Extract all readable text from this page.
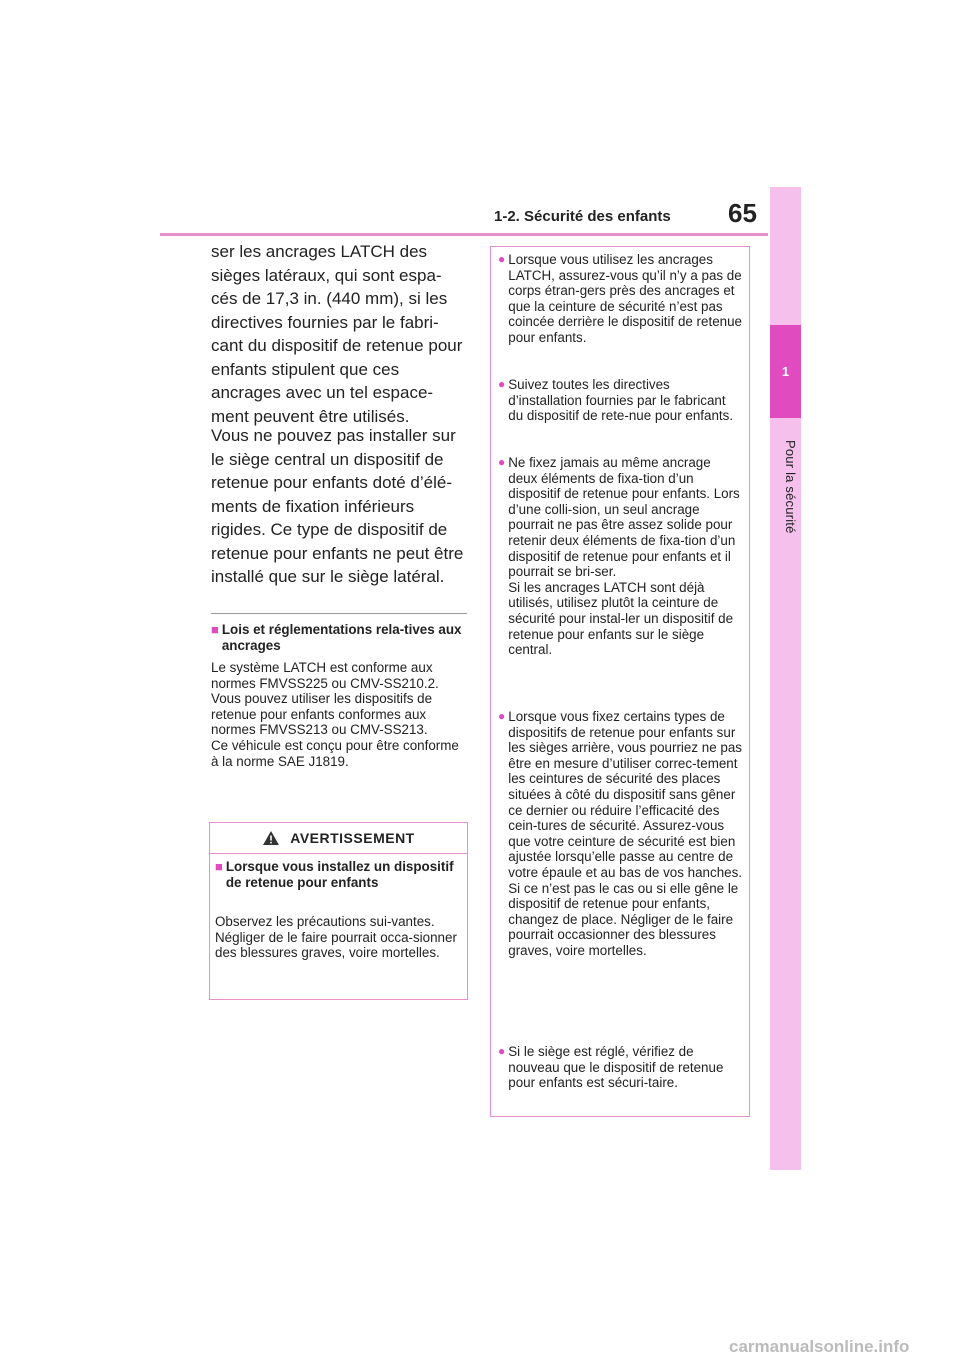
1-2. Sécurité des enfants 65
1
Pour la sécurité

ser les ancrages LATCH des sièges latéraux, qui sont espa-cés de 17,3 in. (440 mm), si les directives fournies par le fabri-cant du dispositif de retenue pour enfants stipulent que ces ancrages avec un tel espace-ment peuvent être utilisés.

Vous ne pouvez pas installer sur le siège central un dispositif de retenue pour enfants doté d’élé-ments de fixation inférieurs rigides. Ce type de dispositif de retenue pour enfants ne peut être installé que sur le siège latéral.

■ Lois et réglementations rela-tives aux ancrages

Le système LATCH est conforme aux normes FMVSS225 ou CMV-SS210.2.
Vous pouvez utiliser les dispositifs de retenue pour enfants conformes aux normes FMVSS213 ou CMV-SS213.
Ce véhicule est conçu pour être conforme à la norme SAE J1819.

AVERTISSEMENT
■ Lorsque vous installez un dispositif de retenue pour enfants

Observez les précautions sui-vantes.
Négliger de le faire pourrait occa-sionner des blessures graves, voire mortelles.

● Lorsque vous utilisez les ancrages LATCH, assurez-vous qu’il n’y a pas de corps étran-gers près des ancrages et que la ceinture de sécurité n’est pas coincée derrière le dispositif de retenue pour enfants.

● Suivez toutes les directives d’installation fournies par le fabricant du dispositif de rete-nue pour enfants.

● Ne fixez jamais au même ancrage deux éléments de fixa-tion d’un dispositif de retenue pour enfants. Lors d’une colli-sion, un seul ancrage pourrait ne pas être assez solide pour retenir deux éléments de fixa-tion d’un dispositif de retenue pour enfants et il pourrait se bri-ser.
Si les ancrages LATCH sont déjà utilisés, utilisez plutôt la ceinture de sécurité pour instal-ler un dispositif de retenue pour enfants sur le siège central.

● Lorsque vous fixez certains types de dispositifs de retenue pour enfants sur les sièges arrière, vous pourriez ne pas être en mesure d’utiliser correc-tement les ceintures de sécurité des places situées à côté du dispositif sans gêner ce dernier ou réduire l’efficacité des cein-tures de sécurité. Assurez-vous que votre ceinture de sécurité est bien ajustée lorsqu’elle passe au centre de votre épaule et au bas de vos hanches. Si ce n’est pas le cas ou si elle gêne le dispositif de retenue pour enfants, changez de place. Négliger de le faire pourrait occasionner des blessures graves, voire mortelles.

● Si le siège est réglé, vérifiez de nouveau que le dispositif de retenue pour enfants est sécuri-taire.

carmanualsonline.info
